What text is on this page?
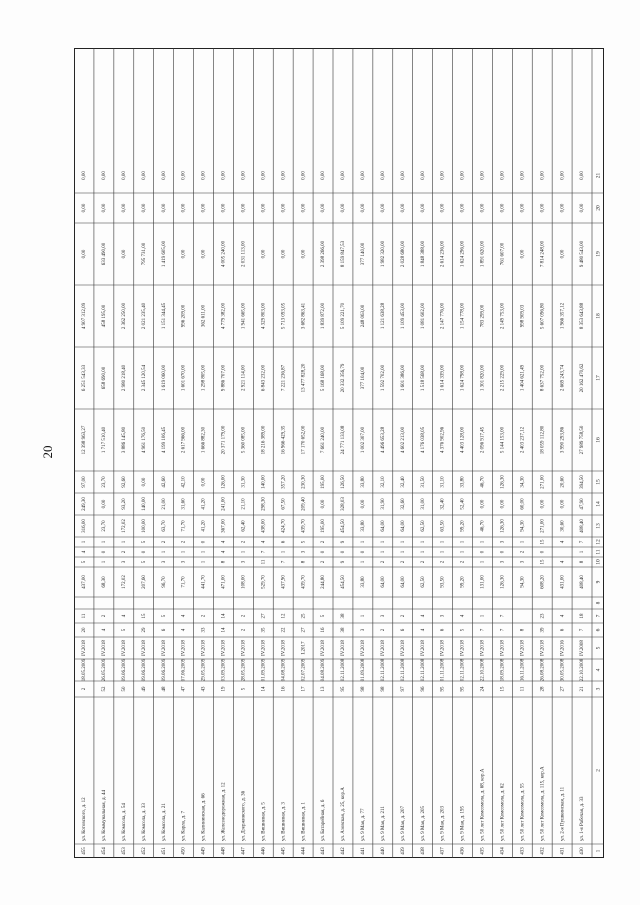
20
1
2
3
4
5
6
7
8
9
10
11
12
13
14
15
16
17
18
19
20
21
430
ул. 1-я Рабочая, д. 33
21
22.10.2008
IV.2008
7
18
408,40
8
1
7
408,40
47,90
394,50
27 989 758,50
20 162 470,62
8 353 643,88
9 480 543,00
0,00
0,00
431
ул. 2-я Пушкинская, д. 11
27
30.05.2008
IV.2016
6
4
431,00
4
4
30,60
0,00
20,60
3 990 293,86
2 669 243,74
1 966 357,12
0,00
0,00
0,00
432
ул. 50 лет Комсомола, д. 115, кор.А
28
26.08.2008
IV.2018
39
23
608,20
15
0
15
271,00
0,00
271,00
18 059 112,80
8 637 752,00
5 607 096,80
7 814 248,00
0,00
0,00
433
ул. 50 лет Комсомола, д. 55
11
16.11.2008
IV.2018
8
94,30
3
2
1
94,30
60,00
34,30
2 403 237,12
1 404 621,49
998 909,03
0,00
0,00
0,00
434
ул. 50 лет Комсомола, д. 62
15
18.09.2008
IV.2018
7
7
126,30
3
0
3
126,30
0,00
126,30
5 144 153,00
2 215 229,00
2 149 753,00
761 607,00
0,00
0,00
435
ул. 50 лет Комсомола, д. 68, кор.А
24
22.10.2008
IV.2018
7
1
131,00
1
0
1
46,70
0,00
46,70
2 096 917,45
1 301 820,00
783 299,00
1 891 620,00
0,00
0,00
436
ул. 9 Мая, д. 195
95
02.11.2008
IV.2018
5
4
99,20
2
1
1
99,20
52,40
33,80
4 403 128,00
1 624 798,00
1 154 778,00
1 624 296,00
0,00
0,00
437
ул. 9 Мая, д. 203
95
01.11.2008
IV.2018
6
3
93,50
2
1
1
63,50
32,40
31,10
4 376 902,96
1 614 339,00
2 147 776,00
2 614 236,00
0,00
0,00
438
ул. 9 Мая, д. 205
96
02.11.2008
IV.2018
4
4
62,50
2
1
1
62,50
31,00
31,50
4 176 038,05
1 518 568,00
1 081 602,00
1 848 388,00
0,00
0,00
439
ул. 9 Мая, д. 207
97
02.11.2008
IV.2018
6
2
64,00
2
1
1
64,00
32,60
32,40
4 602 213,00
1 601 386,00
1 109 453,00
2 028 680,00
0,00
0,00
440
ул. 9 Мая, д. 211
98
02.11.2008
IV.2018
2
3
64,00
2
1
1
64,00
31,90
32,10
4 496 653,28
1 592 702,00
1 121 638,28
1 982 320,00
0,00
0,00
441
ул. 9 Мая, д. 77
98
01.09.2008
IV.2018
3
1
33,80
1
0
1
33,80
0,00
33,80
1 002 307,00
377 104,00
248 063,00
377 140,00
0,00
0,00
442
ул. Азовская, д. 25, кор.А
95
02.11.2008
IV.2018
38
38
454,50
9
0
9
454,50
328,03
126,50
24 771 133,08
20 332 356,79
5 109 221,70
8 159 847,53
0,00
0,00
443
ул. Батарейная, д. 6
13
04.08.2009
IV.2018
16
5
244,80
2
0
2
195,00
0,00
195,00
7 661 240,00
5 168 168,00
1 839 872,00
2 398 266,00
0,00
0,00
444
ул. Вишневая, д. 1
17
02.07.2009
I.2017
27
25
439,70
8
3
5
439,70
209,40
230,30
17 170 652,00
13 477 828,20
3 682 863,41
0,00
0,00
0,00
445
ул. Вишневая, д. 3
16
04.08.2009
IV.2018
22
12
437,90
7
1
6
424,70
67,50
357,20
16 966 429,35
7 221 236,87
5 713 093,05
0,00
0,00
0,00
446
ул. Вишневая, д. 5
14
01.09.2009
IV.2018
35
27
529,70
11
7
4
438,00
298,30
140,00
18 216 389,00
6 843 232,00
4 329 803,00
0,00
0,00
0,00
447
ул. Дзержинского, д. 36
5
28.05.2009
IV.2018
2
2
108,00
3
1
2
62,40
21,10
31,30
5 360 085,00
2 921 114,00
1 941 665,00
2 031 113,00
0,00
0,00
448
ул. Железнодорожная, д. 12
19
03.09.2009
IV.2018
14
14
471,00
8
4
4
367,00
241,00
126,00
20 371 179,00
9 886 707,00
4 779 382,00
4 005 240,00
0,00
0,00
449
ул. Калининская, д. 66
43
29.05.2009
IV.2018
33
2
441,70
1
1
0
41,20
41,20
0,00
1 666 882,30
1 298 805,00
362 611,00
0,00
0,00
0,00
450
ул. Карла, д. 7
47
07.06.2009
IV.2018
4
4
71,70
3
1
2
71,70
31,60
42,10
2 617 966,00
1 601 670,00
996 209,00
0,00
0,00
0,00
451
ул. Комсола, д. 21
48
09.06.2009
IV.2018
6
5
96,70
3
1
2
63,70
21,00
42,60
4 199 106,45
1 619 060,00
1 151 344,45
1 419 605,00
0,00
0,00
452
ул. Комсола, д. 33
49
09.06.2009
IV.2018
29
15
207,60
5
0
5
100,00
140,00
0,00
4 961 176,50
2 345 120,54
2 021 235,40
795 731,00
0,00
0,00
453
ул. Комсола, д. 54
50
09.06.2009
IV.2018
5
4
172,02
3
2
1
172,02
93,20
92,60
3 886 145,80
2 980 218,40
2 362 250,00
0,00
0,00
0,00
454
ул. Коммунальная, д. 44
52
26.05.2009
IV.2018
4
2
68,30
1
0
1
23,70
0,00
23,70
1 717 510,40
658 690,00
458 195,00
633 490,00
0,00
0,00
455
ул. Котовского, д. 12
2
18.05.2009
IV.2018
20
11
437,00
5
4
1
316,00
249,30
97,00
12 398 963,27
6 251 543,33
4 907 312,09
0,00
0,00
0,00
